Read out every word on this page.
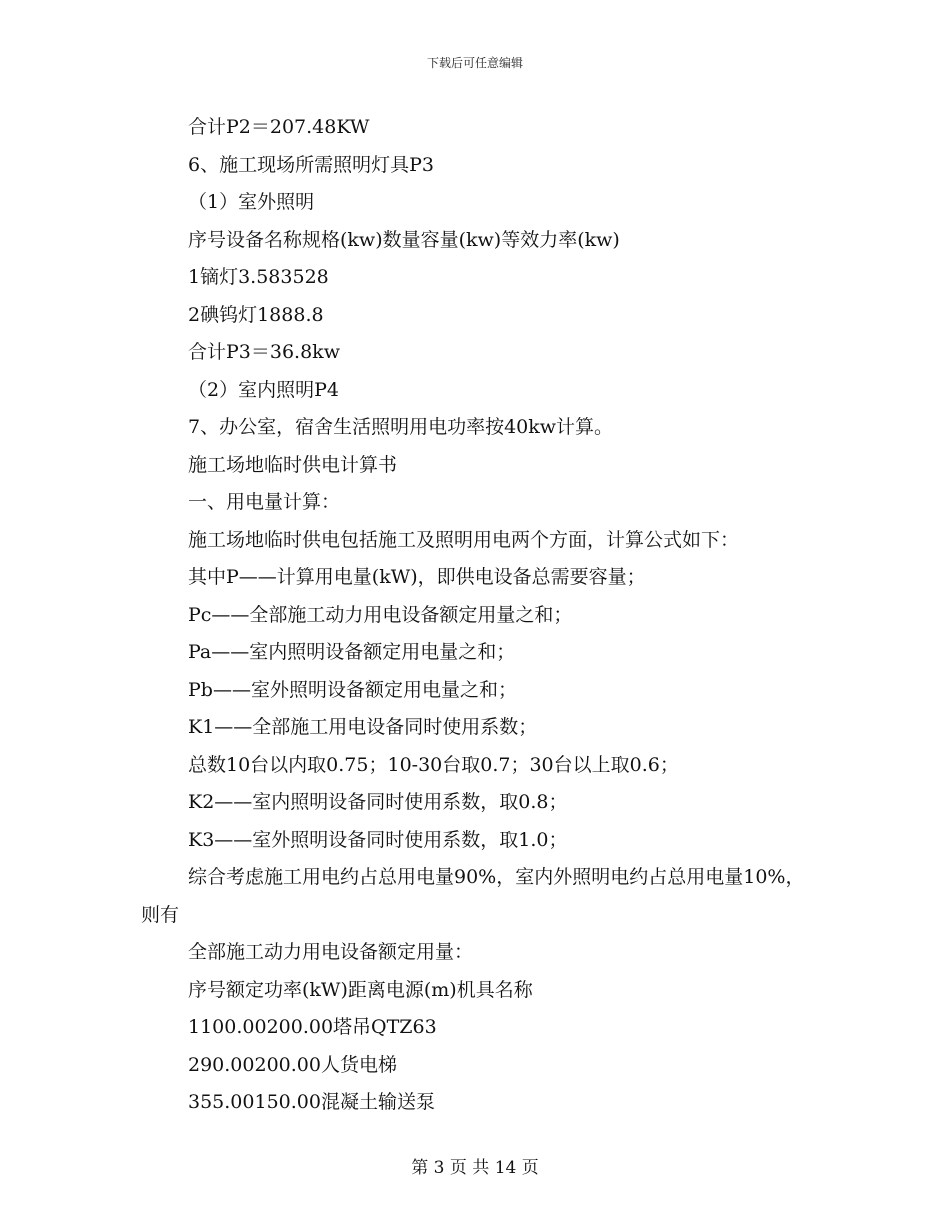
下载后可任意编辑
合计P2＝207.48KW
6、施工现场所需照明灯具P3
（1）室外照明
序号设备名称规格(kw)数量容量(kw)等效力率(kw)
1镝灯3.583528
2碘钨灯1888.8
合计P3＝36.8kw
（2）室内照明P4
7、办公室，宿舍生活照明用电功率按40kw计算。
施工场地临时供电计算书
一、用电量计算：
施工场地临时供电包括施工及照明用电两个方面，计算公式如下：
其中P——计算用电量(kW)，即供电设备总需要容量；
Pc——全部施工动力用电设备额定用量之和；
Pa——室内照明设备额定用电量之和；
Pb——室外照明设备额定用电量之和；
K1——全部施工用电设备同时使用系数；
总数10台以内取0.75；10-30台取0.7；30台以上取0.6；
K2——室内照明设备同时使用系数，取0.8；
K3——室外照明设备同时使用系数，取1.0；
综合考虑施工用电约占总用电量90%，室内外照明电约占总用电量10%，则有
全部施工动力用电设备额定用量：
序号额定功率(kW)距离电源(m)机具名称
1100.00200.00塔吊QTZ63
290.00200.00人货电梯
355.00150.00混凝土输送泵
第 3 页 共 14 页
